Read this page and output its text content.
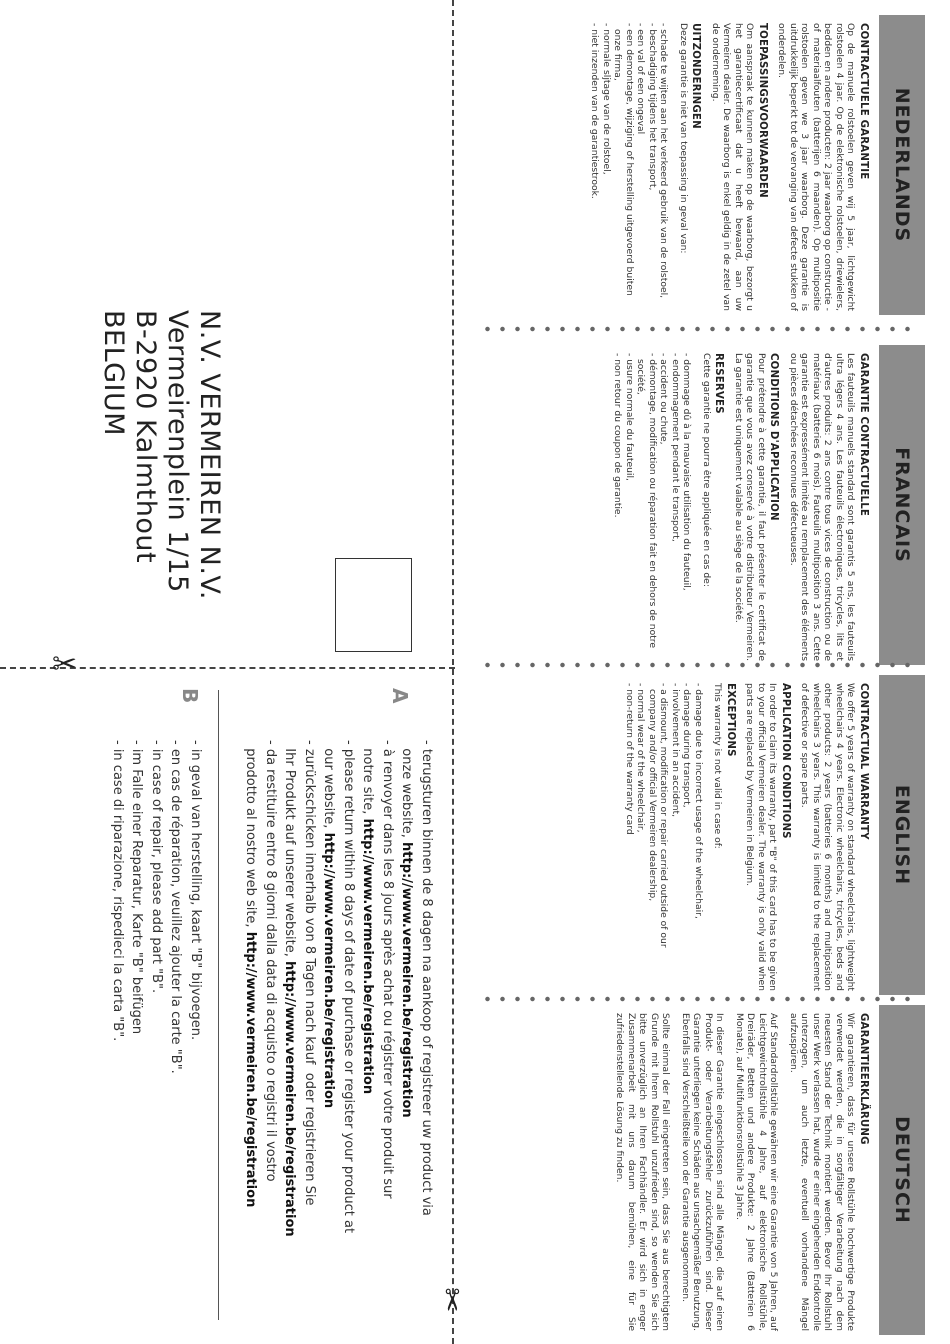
NEDERLANDS
CONTRACTUELE GARANTIE

Op de manuele rolstoelen geven wij 5 jaar, lichtgewicht rolstoelen 4 jaar. Op de elektronische rolstoelen, driewielers, bedden en andere producten: 2 jaar waarborg op constructie - of materiaalfouten (batterijen 6 maanden). Op multipositie rolstoelen geven we 3 jaar waarborg. Deze garantie is uitdrukkelijk beperkt tot de vervanging van defecte stukken of onderdelen.

TOEPASSINGSVOORWAARDEN

Om aanspraak te kunnen maken op de waarborg, bezorgt u het garantiecertificaat dat u heeft bewaard, aan uw Vermeiren dealer. De waarborg is enkel geldig in de zetel van de onderneming.

UITZONDERINGEN

Deze garantie is niet van toepassing in geval van:

- schade te wijten aan het verkeerd gebruik van de rolstoel,
- beschadiging tijdens het transport,
- een val of een ongeval
- een demontage, wijziging of herstelling uitgevoerd buiten onze firma,
- normale sljtage van de rolstoel,
- niet inzenden van de garantiestrook.
FRANCAIS
GARANTIE CONTRACTUELLE

Les fauteuils manuels standard sont garantis 5 ans, les fauteuils ultra légers 4 ans. Les fauteuils électroniques, tricycles, lits et d'autres produits: 2 ans contre tous vices de construction ou de matériaux (batteries 6 mois). Fauteuils multiposition 3 ans. Cette garantie est expressément limitée au remplacement des éléments ou pièces détachées reconnues défectueuses.

CONDITIONS D'APPLICATION

Pour prétendre à cette garantie, il faut présenter le certificat de garantie que vous avez conservé à votre distributeur Vermeiren. La garantie est uniquement valable au siège de la société.

RESERVES

Cette garantie ne pourra être appliquée en cas de:

- dommage dû à la mauvaise utilisation du fauteuil,
- endommagement pendant le transport,
- accident ou chute,
- démontage, modification ou réparation fait en dehors de notre société,
- usure normale du fauteuil,
- non retour du coupon de garantie.
ENGLISH
CONTRACTUAL WARRANTY

We offer 5 years of warranty on standard wheelchairs, lightweight wheelchairs 4 years. Electronic wheelchairs, tricycles, beds and other products: 2 years (batteries 6 months) and multiposition wheelchairs 3 years. This warranty is limited to the replacement of defective or spare parts.

APPLICATION CONDITIONS

In order to claim its warranty, part "B" of this card has to be given to your official Vermeiren dealer. The warranty is only valid when parts are replaced by Vermeiren in Belgium.

EXCEPTIONS

This warranty is not valid in case of:

- damage due to incorrect usage of the wheelchair,
- damage during transport,
- involvement in an accident,
- a dismount, modification or repair carried outside of our company and/or official Vermeiren dealership,
- normal wear of the wheelchair,
- non-return of the warranty card
DEUTSCH
GARANTIEERKLÄRUNG

Wir garantieren, dass für unsere Rollstühle hochwertige Produkte verwendet werden, die in sorgfältiger Verarbeitung nach dem neuesten Stand der Technik montiert werden. Bevor Ihr Rollstuhl unser Werk verlassen hat, wurde er einer eingehenden Endkontrolle unterzogen, um auch letzte, eventuell vorhandene Mängel aufzuspüren.

Auf Standardrollstühle gewähren wir eine Garantie von 5 Jahren, auf Leichtgewichtrollstühle 4 Jahre, auf elektronische Rollstühle, Dreiräder, Betten und andere Produkte: 2 Jahre (Batterien 6 Monate), auf Multifunktionsrollstühle 3 Jahre.

In dieser Garantie eingeschlossen sind alle Mängel, die auf einen Produkt- oder Verarbeitungsfehler zurückzuführen sind. Dieser Garantie unterliegen keine Schäden aus unsachgemäßer Benutzung. Ebenfalls sind Verschleißteile von der Garantie ausgenommen.

Sollte einmal der Fall eingetreten sein, dass Sie aus berechtigtem Grunde mit Ihrem Rollstuhl unzufrieden sind, so wenden Sie sich bitte unverzüglich an Ihren Fachhändler. Er wird sich in enger Zusammenarbeit mit uns darum bemühen, eine für Sie zufriedenstellende Lösung zu finden.

N.V. VERMEIREN N.V.
Vermeirenplein 1/15
B-2920 Kalmthout
BELGIUM
A
B
- terugsturen binnen de 8 dagen na aankoop of registreer uw product via
onze website, http://www.vermeiren.be/registration
- à renvoyer dans les 8 jours après achat ou régistrer votre produit sur
notre site, http://www.vermeiren.be/registration
- please return within 8 days of date of purchase or register your product at
our website, http://www.vermeiren.be/registration
- zurückschicken innerhalb von 8 Tagen nach kauf  oder registrieren Sie
Ihr Produkt auf unserer website, http://www.vermeiren.be/registration
- da restituire entro 8 giorni dalla data di acquisto o registri il vostro
prodotto al nostro web site, http://www.vermeiren.be/registration
- in geval van herstelling, kaart "B" bijvoegen.
- en cas de réparation, veuillez ajouter la carte "B".
- in case of repair, please add part "B".
- im Falle einer Reparatur, Karte "B" beifügen
- in case di riparazione, rispedieci la carta "B".
✂
✂
